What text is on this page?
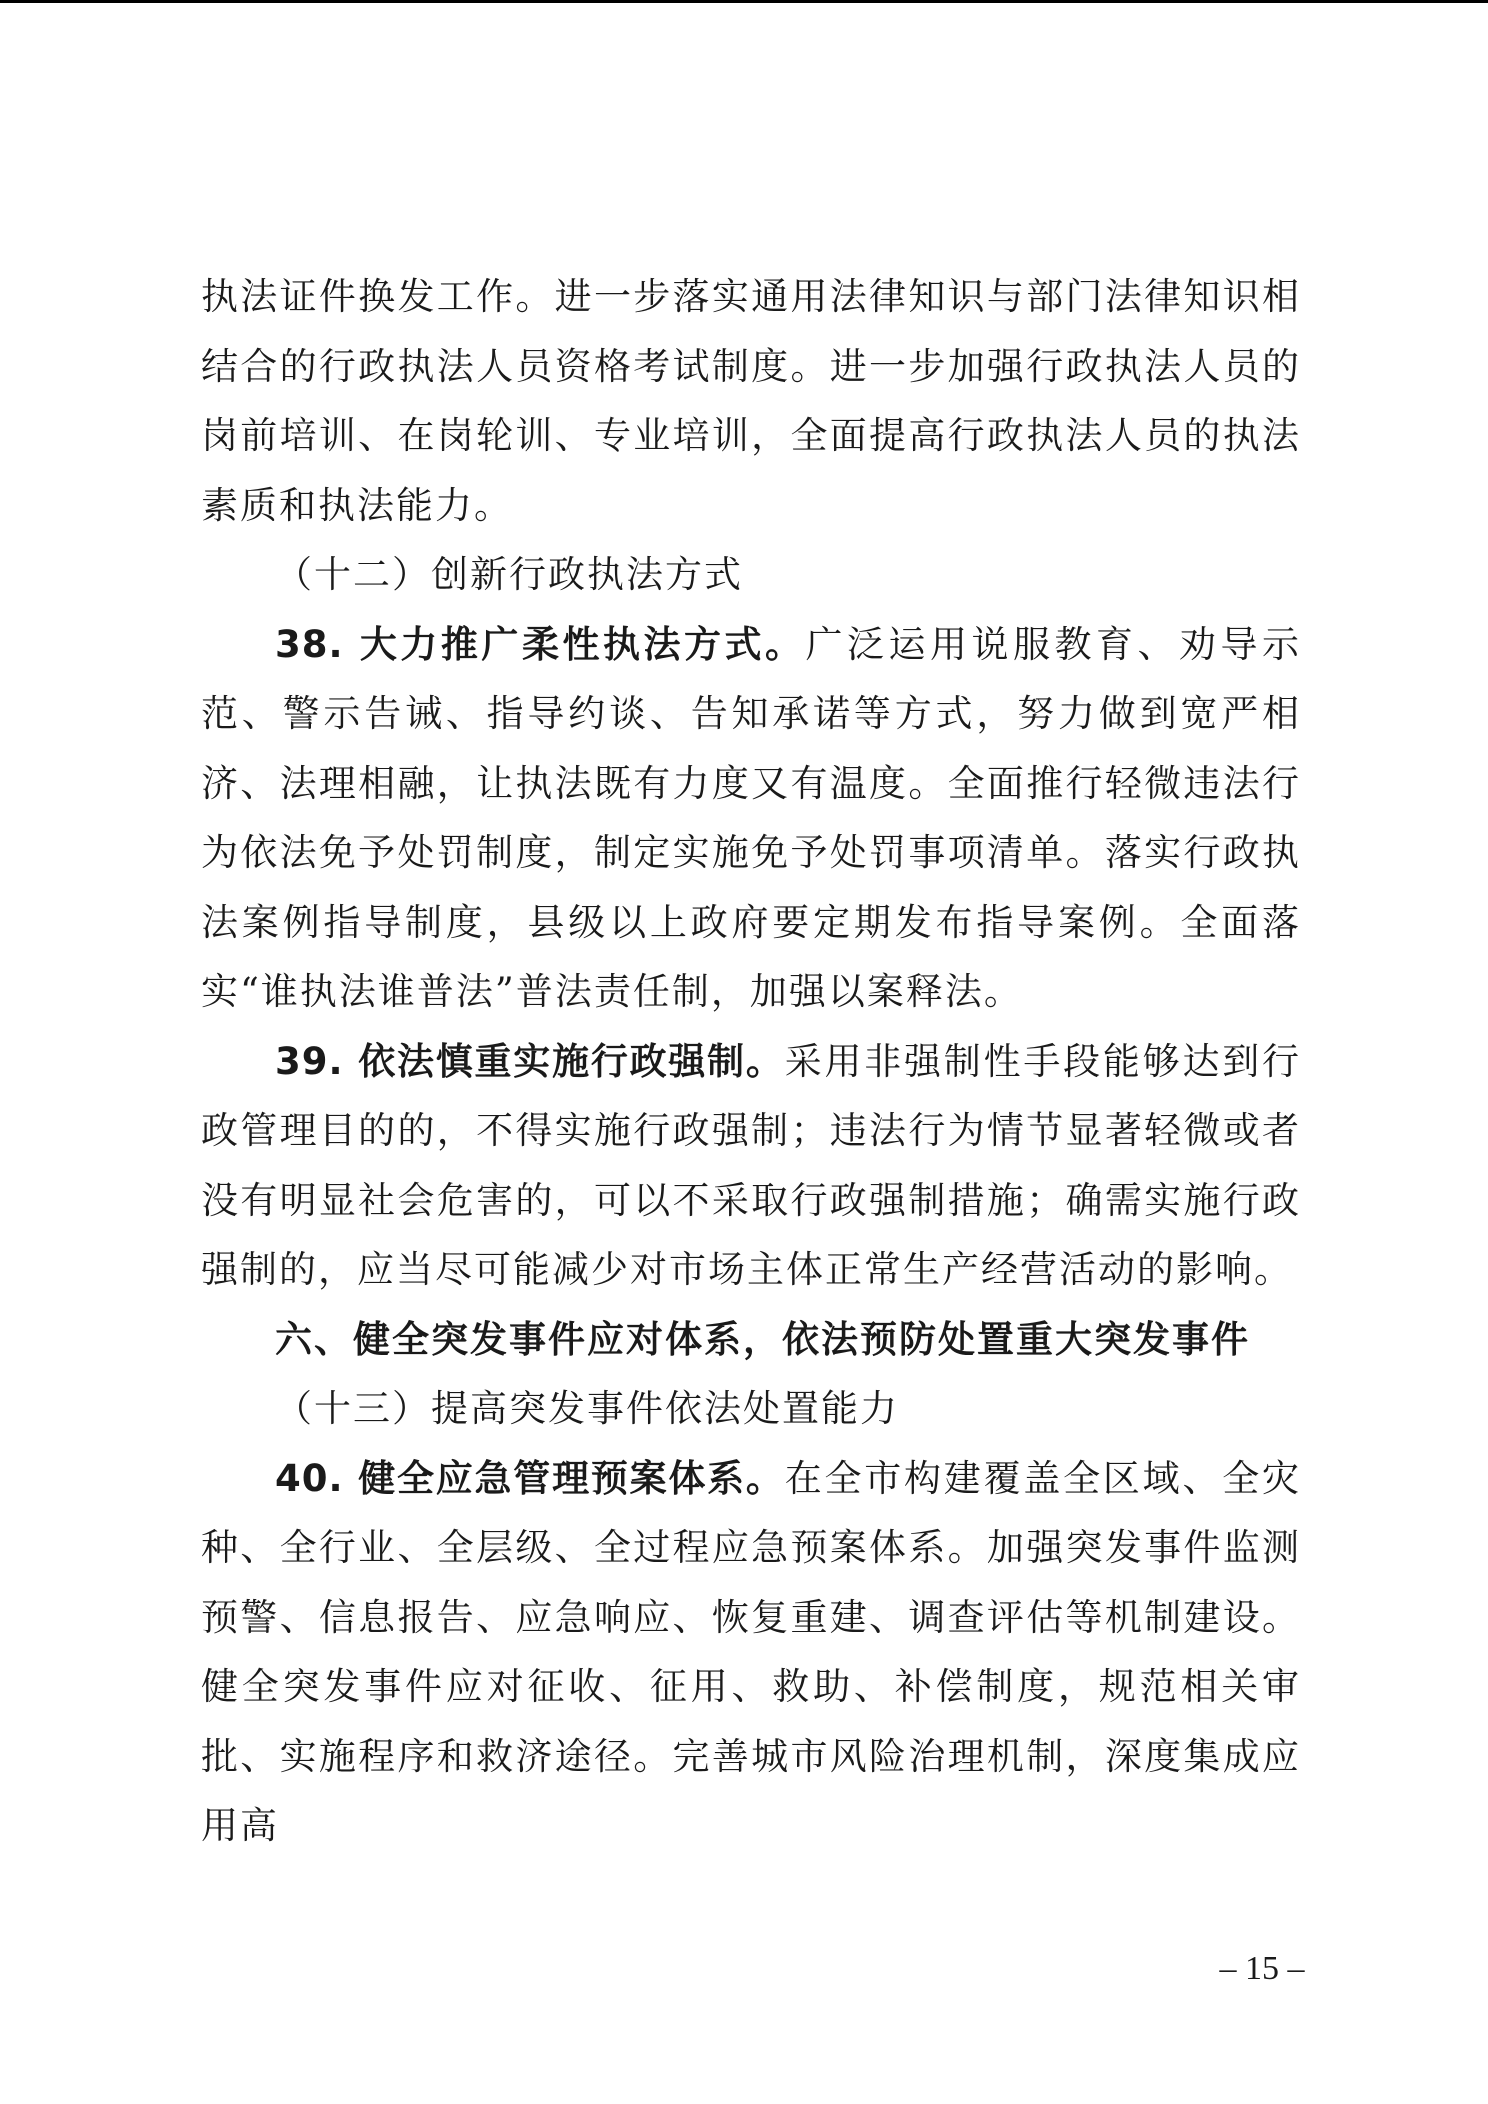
执法证件换发工作。进一步落实通用法律知识与部门法律知识相结合的行政执法人员资格考试制度。进一步加强行政执法人员的岗前培训、在岗轮训、专业培训，全面提高行政执法人员的执法素质和执法能力。

（十二）创新行政执法方式

38. 大力推广柔性执法方式。广泛运用说服教育、劝导示范、警示告诫、指导约谈、告知承诺等方式，努力做到宽严相济、法理相融，让执法既有力度又有温度。全面推行轻微违法行为依法免予处罚制度，制定实施免予处罚事项清单。落实行政执法案例指导制度，县级以上政府要定期发布指导案例。全面落实“谁执法谁普法”普法责任制，加强以案释法。

39. 依法慎重实施行政强制。采用非强制性手段能够达到行政管理目的的，不得实施行政强制；违法行为情节显著轻微或者没有明显社会危害的，可以不采取行政强制措施；确需实施行政强制的，应当尽可能减少对市场主体正常生产经营活动的影响。

六、健全突发事件应对体系，依法预防处置重大突发事件

（十三）提高突发事件依法处置能力

40. 健全应急管理预案体系。在全市构建覆盖全区域、全灾种、全行业、全层级、全过程应急预案体系。加强突发事件监测预警、信息报告、应急响应、恢复重建、调查评估等机制建设。健全突发事件应对征收、征用、救助、补偿制度，规范相关审批、实施程序和救济途径。完善城市风险治理机制，深度集成应用高

– 15 –
